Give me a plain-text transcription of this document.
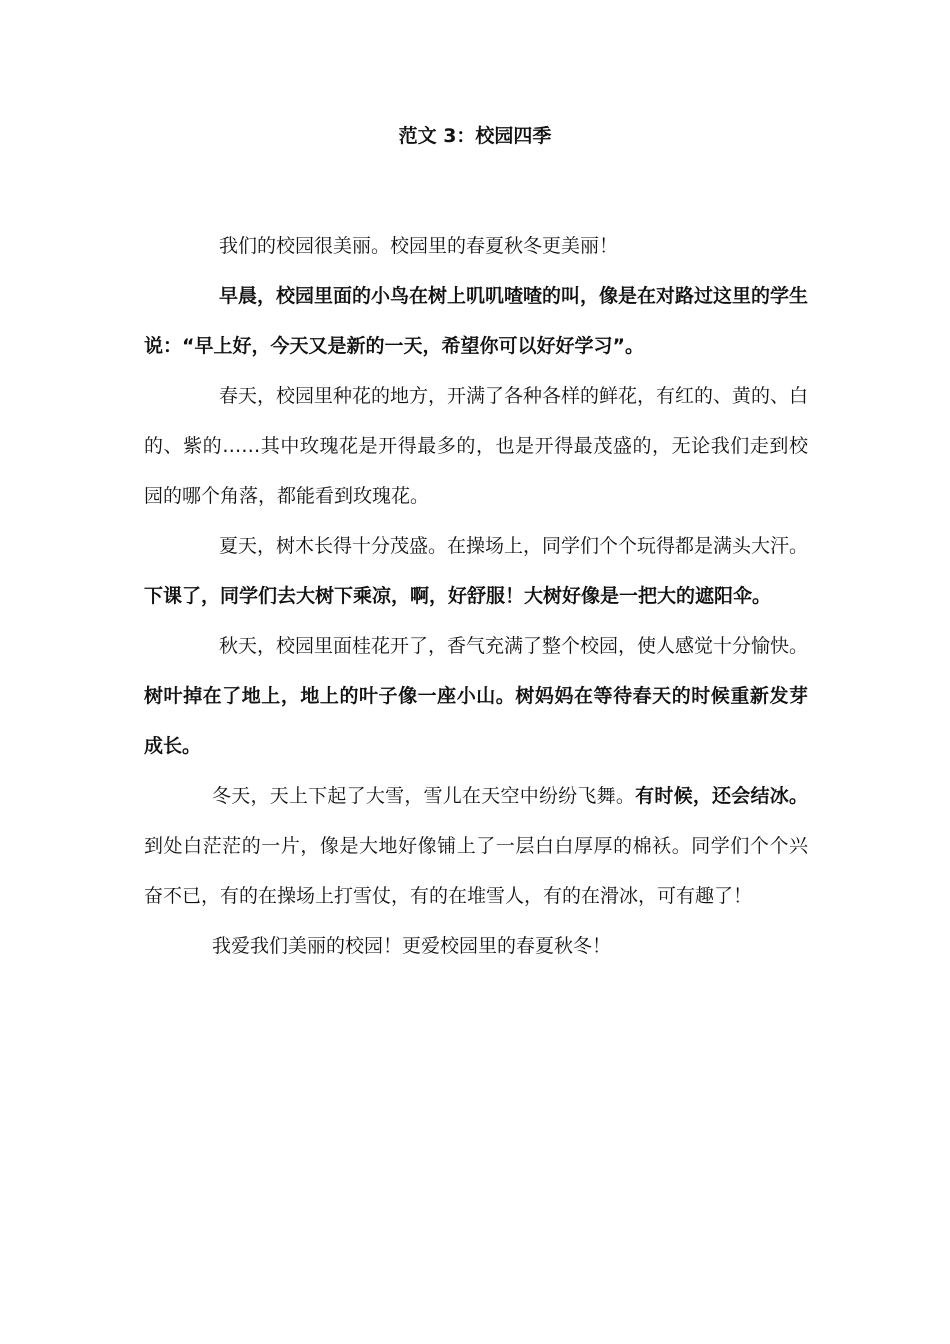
范文 3：校园四季

我们的校园很美丽。校园里的春夏秋冬更美丽！

早晨，校园里面的小鸟在树上叽叽喳喳的叫，像是在对路过这里的学生说：“早上好，今天又是新的一天，希望你可以好好学习”。

春天，校园里种花的地方，开满了各种各样的鲜花，有红的、黄的、白的、紫的……其中玫瑰花是开得最多的，也是开得最茂盛的，无论我们走到校园的哪个角落，都能看到玫瑰花。

夏天，树木长得十分茂盛。在操场上，同学们个个玩得都是满头大汗。下课了，同学们去大树下乘凉，啊，好舒服！大树好像是一把大的遮阳伞。

秋天，校园里面桂花开了，香气充满了整个校园，使人感觉十分愉快。树叶掉在了地上，地上的叶子像一座小山。树妈妈在等待春天的时候重新发芽成长。

冬天，天上下起了大雪，雪儿在天空中纷纷飞舞。有时候，还会结冰。到处白茫茫的一片，像是大地好像铺上了一层白白厚厚的棉袄。同学们个个兴奋不已，有的在操场上打雪仗，有的在堆雪人，有的在滑冰，可有趣了！

我爱我们美丽的校园！更爱校园里的春夏秋冬！
